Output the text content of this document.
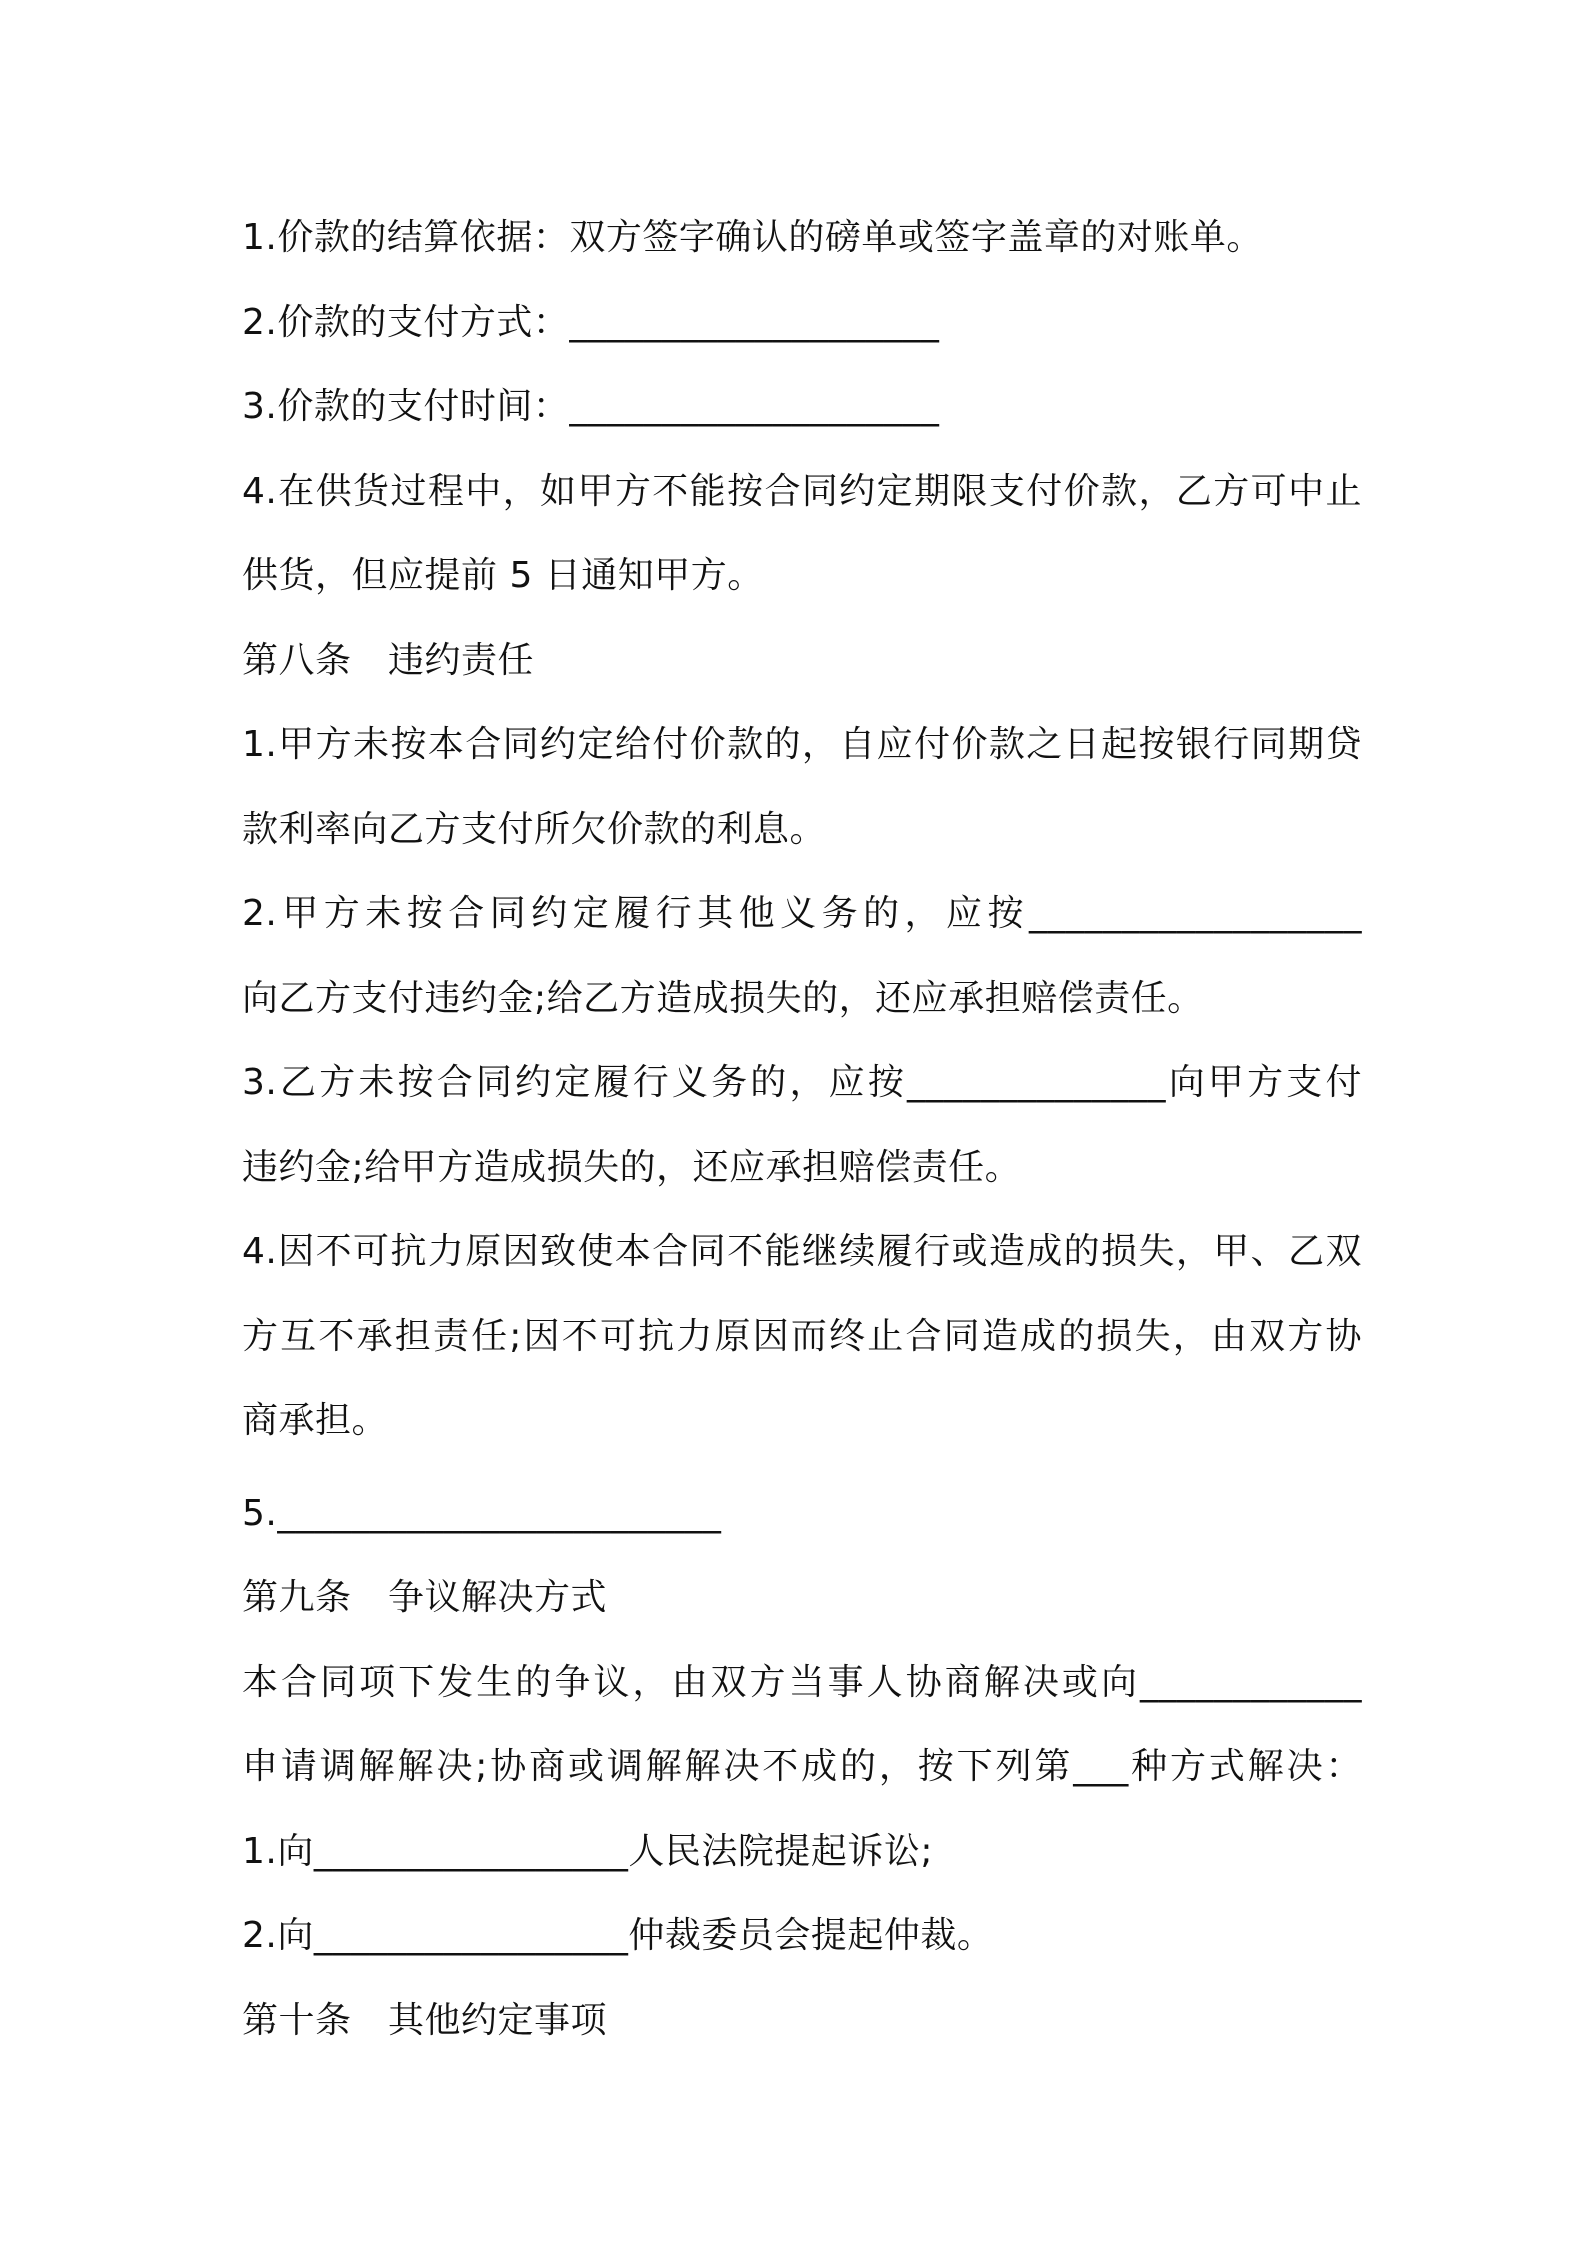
1.价款的结算依据：双方签字确认的磅单或签字盖章的对账单。
2.价款的支付方式：____________________
3.价款的支付时间：____________________
4.在供货过程中，如甲方不能按合同约定期限支付价款，乙方可中止
供货，但应提前 5 日通知甲方。
第八条　违约责任
1.甲方未按本合同约定给付价款的，自应付价款之日起按银行同期贷
款利率向乙方支付所欠价款的利息。
2.甲方未按合同约定履行其他义务的，应按__________________
向乙方支付违约金;给乙方造成损失的，还应承担赔偿责任。
3.乙方未按合同约定履行义务的，应按______________向甲方支付
违约金;给甲方造成损失的，还应承担赔偿责任。
4.因不可抗力原因致使本合同不能继续履行或造成的损失，甲、乙双
方互不承担责任;因不可抗力原因而终止合同造成的损失，由双方协
商承担。
5.________________________
第九条　争议解决方式
本合同项下发生的争议，由双方当事人协商解决或向____________
申请调解解决;协商或调解解决不成的，按下列第___种方式解决：
1.向_________________人民法院提起诉讼;
2.向_________________仲裁委员会提起仲裁。
第十条　其他约定事项
